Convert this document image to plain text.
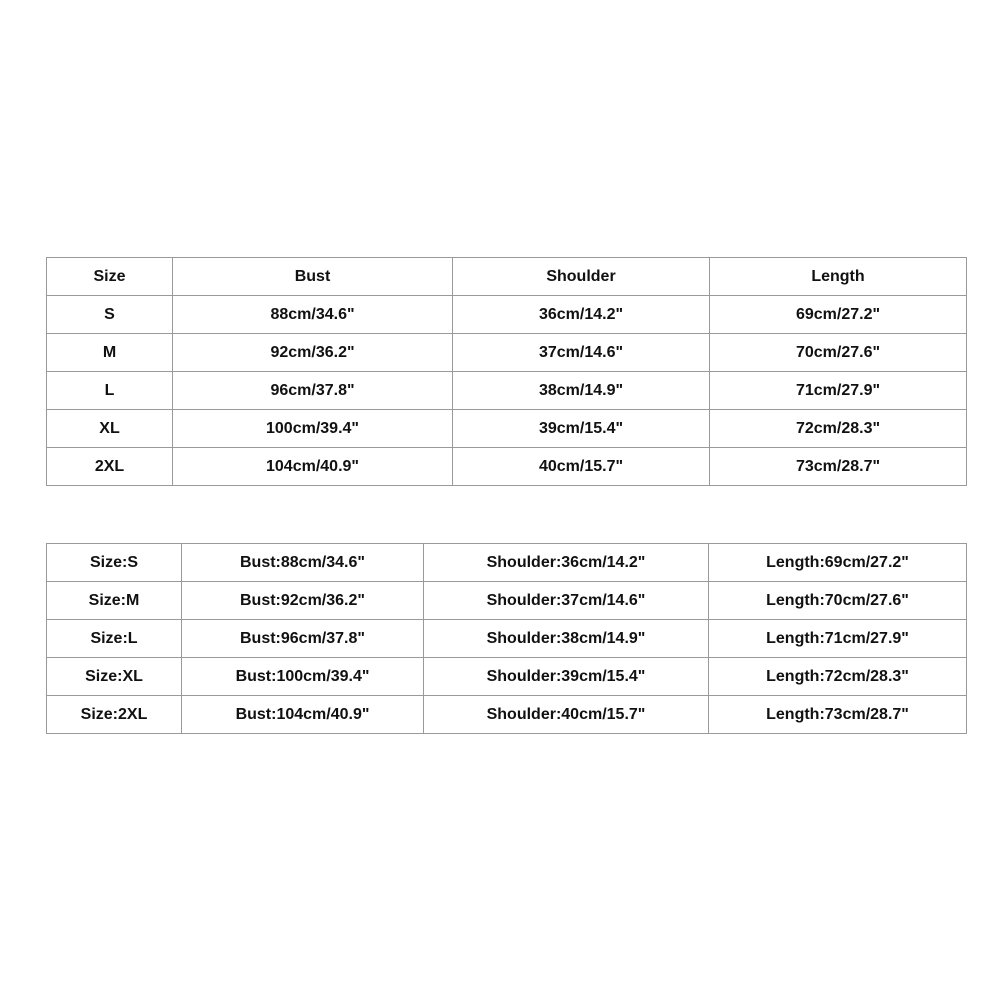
Size	Bust	Shoulder	Length
S	88cm/34.6"	36cm/14.2"	69cm/27.2"
M	92cm/36.2"	37cm/14.6"	70cm/27.6"
L	96cm/37.8"	38cm/14.9"	71cm/27.9"
XL	100cm/39.4"	39cm/15.4"	72cm/28.3"
2XL	104cm/40.9"	40cm/15.7"	73cm/28.7"
Size:S	Bust:88cm/34.6"	Shoulder:36cm/14.2"	Length:69cm/27.2"
Size:M	Bust:92cm/36.2"	Shoulder:37cm/14.6"	Length:70cm/27.6"
Size:L	Bust:96cm/37.8"	Shoulder:38cm/14.9"	Length:71cm/27.9"
Size:XL	Bust:100cm/39.4"	Shoulder:39cm/15.4"	Length:72cm/28.3"
Size:2XL	Bust:104cm/40.9"	Shoulder:40cm/15.7"	Length:73cm/28.7"
